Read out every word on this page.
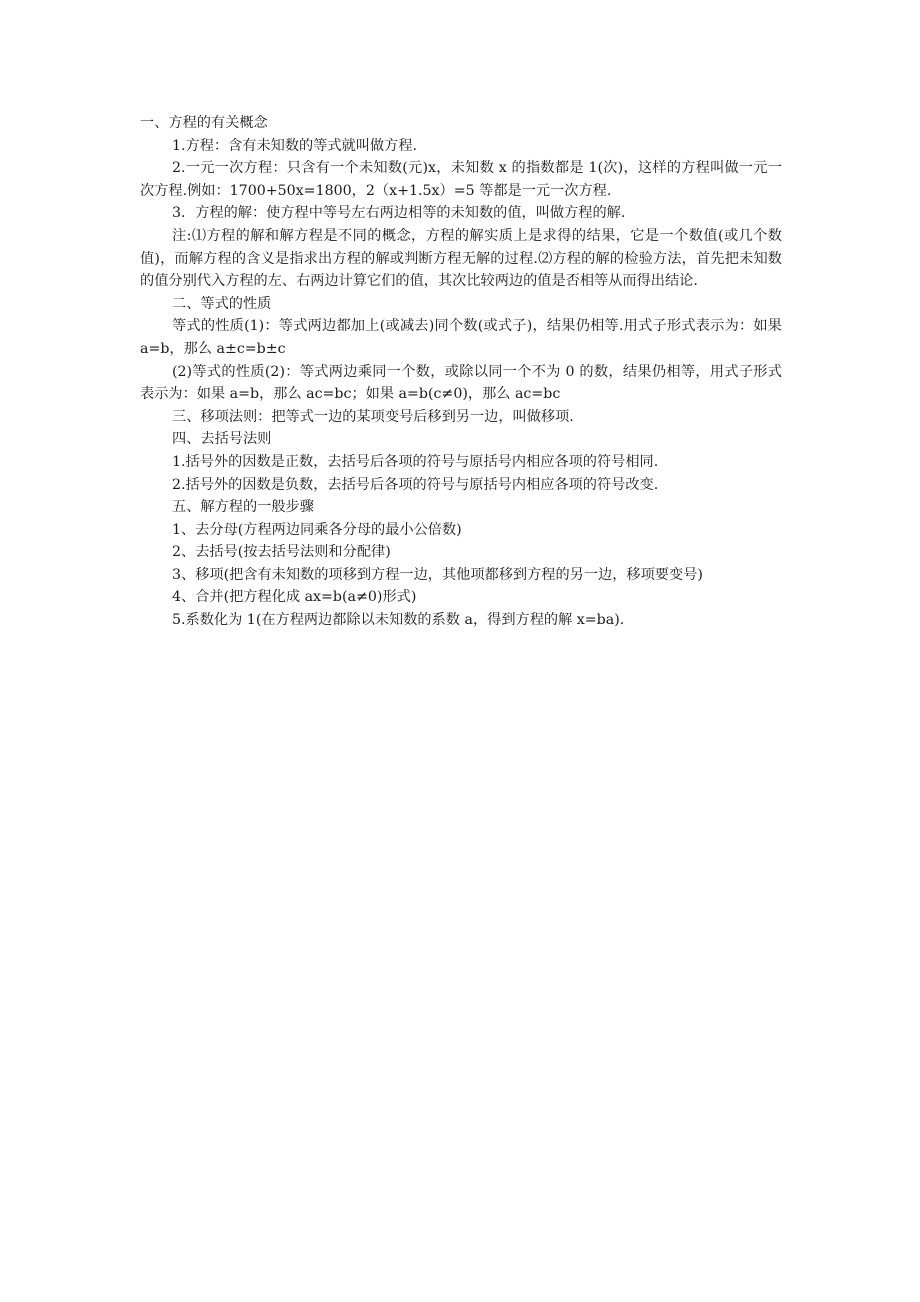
一、方程的有关概念

1.方程：含有未知数的等式就叫做方程.

2.一元一次方程：只含有一个未知数(元)x，未知数 x 的指数都是 1(次)，这样的方程叫做一元一次方程.例如：1700+50x=1800，2（x+1.5x）=5 等都是一元一次方程.

3．方程的解：使方程中等号左右两边相等的未知数的值，叫做方程的解.

注:⑴方程的解和解方程是不同的概念，方程的解实质上是求得的结果，它是一个数值(或几个数值)，而解方程的含义是指求出方程的解或判断方程无解的过程.⑵方程的解的检验方法，首先把未知数的值分别代入方程的左、右两边计算它们的值，其次比较两边的值是否相等从而得出结论.

二、等式的性质

等式的性质(1)：等式两边都加上(或减去)同个数(或式子)，结果仍相等.用式子形式表示为：如果 a=b，那么 a±c=b±c

(2)等式的性质(2)：等式两边乘同一个数，或除以同一个不为 0 的数，结果仍相等，用式子形式表示为：如果 a=b，那么 ac=bc；如果 a=b(c≠0)，那么 ac=bc

三、移项法则：把等式一边的某项变号后移到另一边，叫做移项.

四、去括号法则

1.括号外的因数是正数，去括号后各项的符号与原括号内相应各项的符号相同.

2.括号外的因数是负数，去括号后各项的符号与原括号内相应各项的符号改变.

五、解方程的一般步骤

1、去分母(方程两边同乘各分母的最小公倍数)

2、去括号(按去括号法则和分配律)

3、移项(把含有未知数的项移到方程一边，其他项都移到方程的另一边，移项要变号)

4、合并(把方程化成 ax=b(a≠0)形式)

5.系数化为 1(在方程两边都除以未知数的系数 a，得到方程的解 x=ba).
